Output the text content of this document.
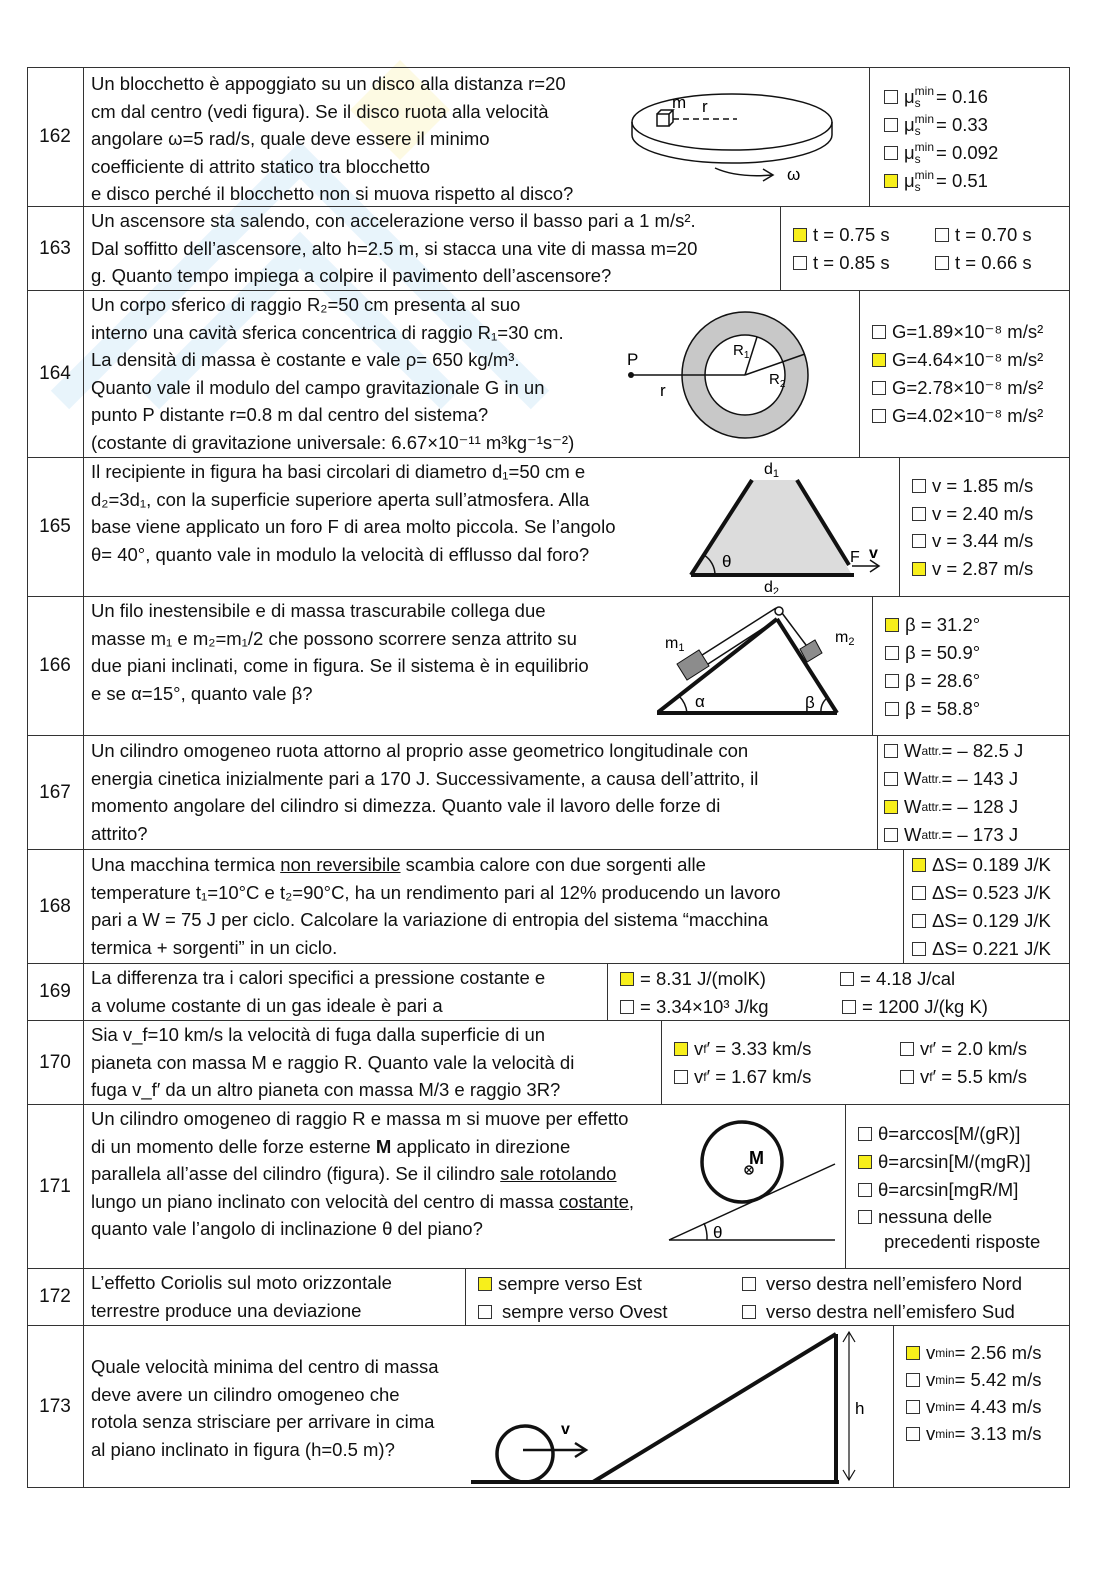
162
Un blocchetto è appoggiato su un disco alla distanza r=20
cm dal centro (vedi figura). Se il disco ruota alla velocità
angolare ω=5 rad/s, quale deve essere il minimo
coefficiente di attrito statico tra blocchetto
e disco perché il blocchetto non si muova rispetto al disco?
m r
ω
μ min
s = 0.16
μ min
s = 0.33
μ min
s = 0.092
μ min
s = 0.51
163
Un ascensore sta salendo, con accelerazione verso il basso pari a 1 m/s².
Dal soffitto dell’ascensore, alto h=2.5 m, si stacca una vite di massa m=20
g. Quanto tempo impiega a colpire il pavimento dell’ascensore?
t = 0.75 s	t = 0.70 s
t = 0.85 s	t = 0.66 s
164
Un corpo sferico di raggio R₂=50 cm presenta al suo
interno una cavità sferica concentrica di raggio R₁=30 cm.
La densità di massa è costante e vale ρ= 650 kg/m³.
Quanto vale il modulo del campo gravitazionale G in un
punto P distante r=0.8 m dal centro del sistema?
(costante di gravitazione universale: 6.67×10⁻¹¹ m³kg⁻¹s⁻²)
P
r
$R_1$
$R_2$
G=1.89×10⁻⁸ m/s²
G=4.64×10⁻⁸ m/s²
G=2.78×10⁻⁸ m/s²
G=4.02×10⁻⁸ m/s²
165
Il recipiente in figura ha basi circolari di diametro d₁=50 cm e
d₂=3d₁, con la superficie superiore aperta sull’atmosfera. Alla
base viene applicato un foro F di area molto piccola. Se l’angolo
θ= 40°, quanto vale in modulo la velocità di efflusso dal foro?
d1
d2
θ	F v
v = 1.85 m/s
v = 2.40 m/s
v = 3.44 m/s
v = 2.87 m/s
166
Un filo inestensibile e di massa trascurabile collega due
masse m₁ e m₂=m₁/2 che possono scorrere senza attrito su
due piani inclinati, come in figura. Se il sistema è in equilibrio
e se α=15°, quanto vale β?	α	β
m1
m2
β = 31.2°
β = 50.9°
β = 28.6°
β = 58.8°
167
Un cilindro omogeneo ruota attorno al proprio asse geometrico longitudinale con
energia cinetica inizialmente pari a 170 J. Successivamente, a causa dell’attrito, il
momento angolare del cilindro si dimezza. Quanto vale il lavoro delle forze di
attrito?
W attr. = – 82.5 J
W attr. = – 143 J
W attr. = – 128 J
W attr. = – 173 J
168
Una macchina termica non reversibile scambia calore con due sorgenti alle
temperature t₁=10°C e t₂=90°C, ha un rendimento pari al 12% producendo un lavoro
pari a W = 75 J per ciclo. Calcolare la variazione di entropia del sistema “macchina
termica + sorgenti” in un ciclo.
ΔS= 0.189 J/K
ΔS= 0.523 J/K
ΔS= 0.129 J/K
ΔS= 0.221 J/K
169
La differenza tra i calori specifici a pressione costante e
a volume costante di un gas ideale è pari a
= 8.31 J/(molK)	= 4.18 J/cal
= 3.34×10³ J/kg	= 1200 J/(kg K)
170
Sia v_f=10 km/s la velocità di fuga dalla superficie di un
pianeta con massa M e raggio R. Quanto vale la velocità di
fuga v_f′ da un altro pianeta con massa M/3 e raggio 3R?
v f ′ = 3.33 km/s	v f ′ = 2.0 km/s
v f ′ = 1.67 km/s	v f ′ = 5.5 km/s
171
Un cilindro omogeneo di raggio R e massa m si muove per effetto
di un momento delle forze esterne M applicato in direzione
parallela all’asse del cilindro (figura). Se il cilindro sale rotolando
lungo un piano inclinato con velocità del centro di massa costante,
quanto vale l’angolo di inclinazione θ del piano?
M
θ
θ=arccos[M/(gR)]
θ=arcsin[M/(mgR)]
θ=arcsin[mgR/M]
nessuna delle
precedenti risposte
172
L’effetto Coriolis sul moto orizzontale
terrestre produce una deviazione
sempre verso Est	verso destra nell’emisfero Nord
sempre verso Ovest	verso destra nell’emisfero Sud
173
Quale velocità minima del centro di massa
deve avere un cilindro omogeneo che
rotola senza strisciare per arrivare in cima
al piano inclinato in figura (h=0.5 m)?
v
h
v min = 2.56 m/s
v min = 5.42 m/s
v min = 4.43 m/s
v min = 3.13 m/s
